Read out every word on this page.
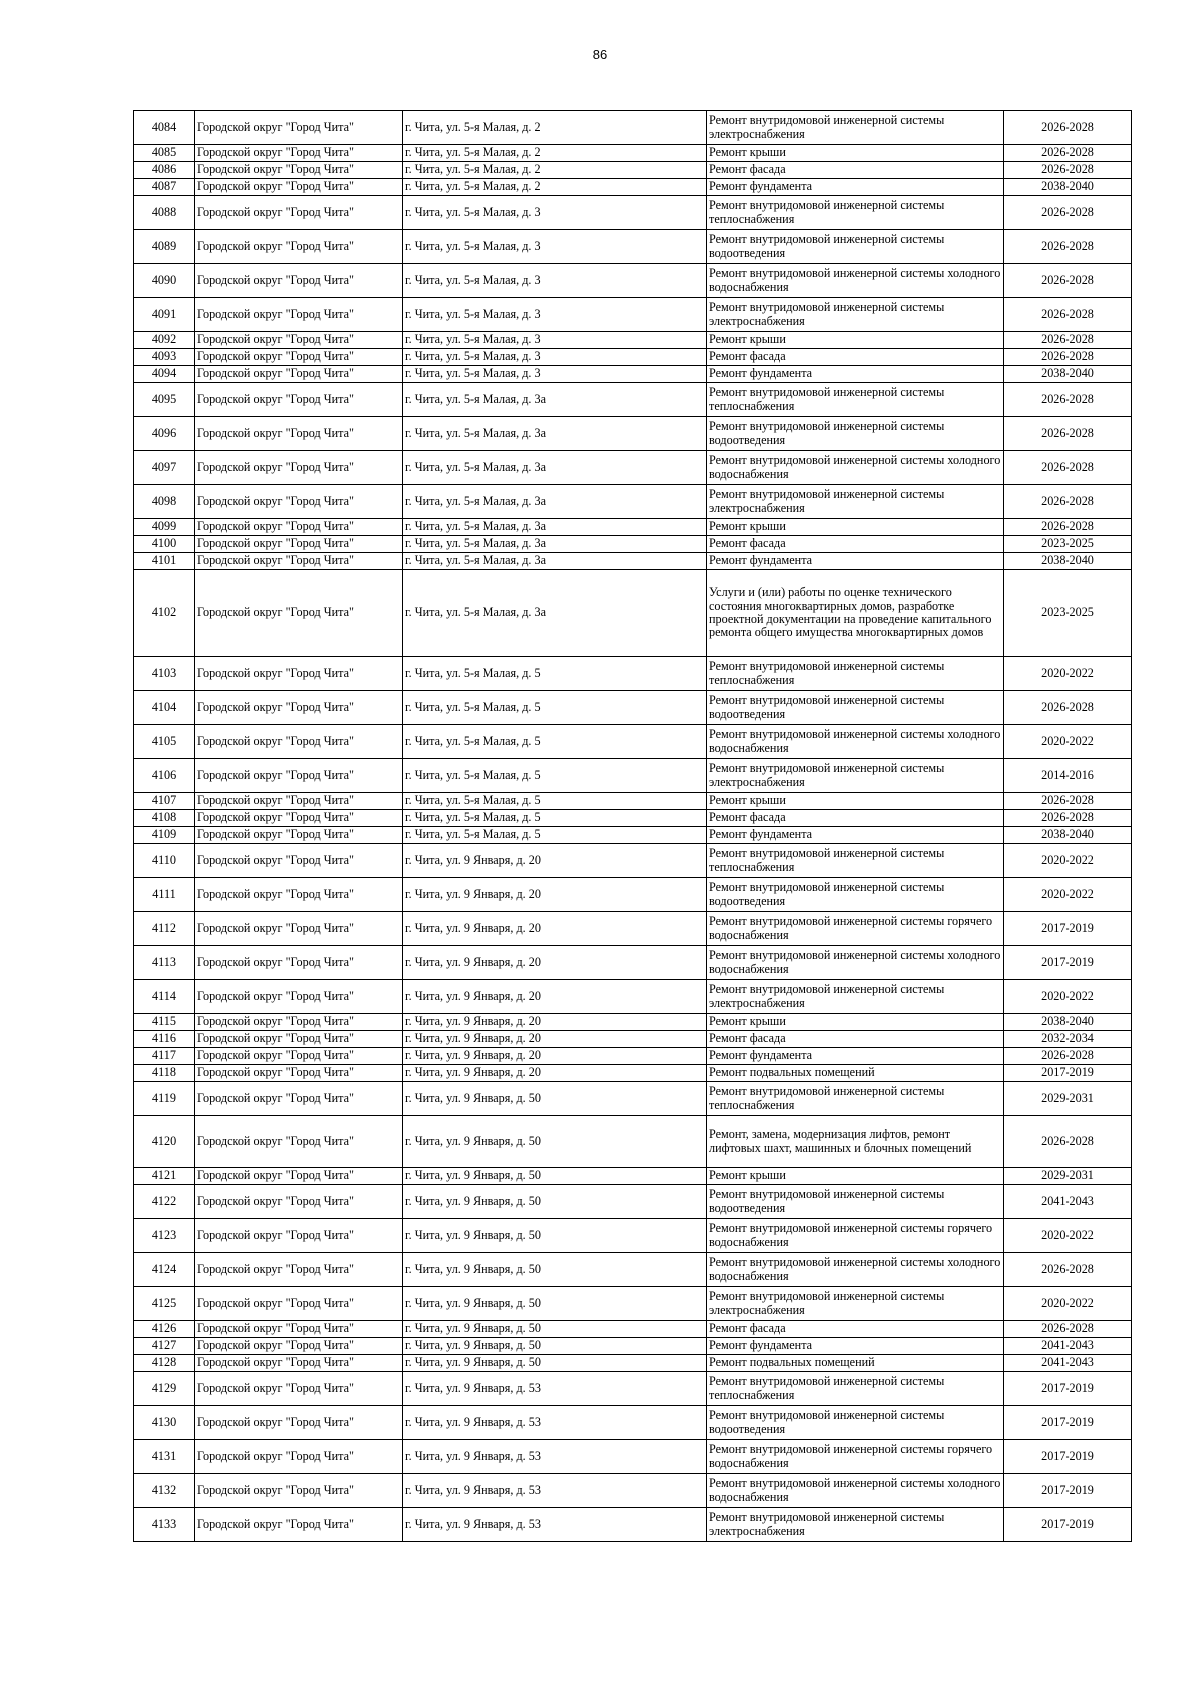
86
4084	Городской округ "Город Чита"	г. Чита, ул. 5-я Малая, д. 2	Ремонт внутридомовой инженерной системы электроснабжения	2026-2028
4085	Городской округ "Город Чита"	г. Чита, ул. 5-я Малая, д. 2	Ремонт крыши	2026-2028
4086	Городской округ "Город Чита"	г. Чита, ул. 5-я Малая, д. 2	Ремонт фасада	2026-2028
4087	Городской округ "Город Чита"	г. Чита, ул. 5-я Малая, д. 2	Ремонт фундамента	2038-2040
4088	Городской округ "Город Чита"	г. Чита, ул. 5-я Малая, д. 3	Ремонт внутридомовой инженерной системы теплоснабжения	2026-2028
4089	Городской округ "Город Чита"	г. Чита, ул. 5-я Малая, д. 3	Ремонт внутридомовой инженерной системы водоотведения	2026-2028
4090	Городской округ "Город Чита"	г. Чита, ул. 5-я Малая, д. 3	Ремонт внутридомовой инженерной системы холодного водоснабжения	2026-2028
4091	Городской округ "Город Чита"	г. Чита, ул. 5-я Малая, д. 3	Ремонт внутридомовой инженерной системы электроснабжения	2026-2028
4092	Городской округ "Город Чита"	г. Чита, ул. 5-я Малая, д. 3	Ремонт крыши	2026-2028
4093	Городской округ "Город Чита"	г. Чита, ул. 5-я Малая, д. 3	Ремонт фасада	2026-2028
4094	Городской округ "Город Чита"	г. Чита, ул. 5-я Малая, д. 3	Ремонт фундамента	2038-2040
4095	Городской округ "Город Чита"	г. Чита, ул. 5-я Малая, д. 3а	Ремонт внутридомовой инженерной системы теплоснабжения	2026-2028
4096	Городской округ "Город Чита"	г. Чита, ул. 5-я Малая, д. 3а	Ремонт внутридомовой инженерной системы водоотведения	2026-2028
4097	Городской округ "Город Чита"	г. Чита, ул. 5-я Малая, д. 3а	Ремонт внутридомовой инженерной системы холодного водоснабжения	2026-2028
4098	Городской округ "Город Чита"	г. Чита, ул. 5-я Малая, д. 3а	Ремонт внутридомовой инженерной системы электроснабжения	2026-2028
4099	Городской округ "Город Чита"	г. Чита, ул. 5-я Малая, д. 3а	Ремонт крыши	2026-2028
4100	Городской округ "Город Чита"	г. Чита, ул. 5-я Малая, д. 3а	Ремонт фасада	2023-2025
4101	Городской округ "Город Чита"	г. Чита, ул. 5-я Малая, д. 3а	Ремонт фундамента	2038-2040
4102	Городской округ "Город Чита"	г. Чита, ул. 5-я Малая, д. 3а	Услуги и (или) работы по оценке технического состояния многоквартирных домов, разработке проектной документации на проведение капитального ремонта общего имущества многоквартирных домов	2023-2025
4103	Городской округ "Город Чита"	г. Чита, ул. 5-я Малая, д. 5	Ремонт внутридомовой инженерной системы теплоснабжения	2020-2022
4104	Городской округ "Город Чита"	г. Чита, ул. 5-я Малая, д. 5	Ремонт внутридомовой инженерной системы водоотведения	2026-2028
4105	Городской округ "Город Чита"	г. Чита, ул. 5-я Малая, д. 5	Ремонт внутридомовой инженерной системы холодного водоснабжения	2020-2022
4106	Городской округ "Город Чита"	г. Чита, ул. 5-я Малая, д. 5	Ремонт внутридомовой инженерной системы электроснабжения	2014-2016
4107	Городской округ "Город Чита"	г. Чита, ул. 5-я Малая, д. 5	Ремонт крыши	2026-2028
4108	Городской округ "Город Чита"	г. Чита, ул. 5-я Малая, д. 5	Ремонт фасада	2026-2028
4109	Городской округ "Город Чита"	г. Чита, ул. 5-я Малая, д. 5	Ремонт фундамента	2038-2040
4110	Городской округ "Город Чита"	г. Чита, ул. 9 Января, д. 20	Ремонт внутридомовой инженерной системы теплоснабжения	2020-2022
4111	Городской округ "Город Чита"	г. Чита, ул. 9 Января, д. 20	Ремонт внутридомовой инженерной системы водоотведения	2020-2022
4112	Городской округ "Город Чита"	г. Чита, ул. 9 Января, д. 20	Ремонт внутридомовой инженерной системы горячего водоснабжения	2017-2019
4113	Городской округ "Город Чита"	г. Чита, ул. 9 Января, д. 20	Ремонт внутридомовой инженерной системы холодного водоснабжения	2017-2019
4114	Городской округ "Город Чита"	г. Чита, ул. 9 Января, д. 20	Ремонт внутридомовой инженерной системы электроснабжения	2020-2022
4115	Городской округ "Город Чита"	г. Чита, ул. 9 Января, д. 20	Ремонт крыши	2038-2040
4116	Городской округ "Город Чита"	г. Чита, ул. 9 Января, д. 20	Ремонт фасада	2032-2034
4117	Городской округ "Город Чита"	г. Чита, ул. 9 Января, д. 20	Ремонт фундамента	2026-2028
4118	Городской округ "Город Чита"	г. Чита, ул. 9 Января, д. 20	Ремонт подвальных помещений	2017-2019
4119	Городской округ "Город Чита"	г. Чита, ул. 9 Января, д. 50	Ремонт внутридомовой инженерной системы теплоснабжения	2029-2031
4120	Городской округ "Город Чита"	г. Чита, ул. 9 Января, д. 50	Ремонт, замена, модернизация лифтов, ремонт лифтовых шахт, машинных и блочных помещений	2026-2028
4121	Городской округ "Город Чита"	г. Чита, ул. 9 Января, д. 50	Ремонт крыши	2029-2031
4122	Городской округ "Город Чита"	г. Чита, ул. 9 Января, д. 50	Ремонт внутридомовой инженерной системы водоотведения	2041-2043
4123	Городской округ "Город Чита"	г. Чита, ул. 9 Января, д. 50	Ремонт внутридомовой инженерной системы горячего водоснабжения	2020-2022
4124	Городской округ "Город Чита"	г. Чита, ул. 9 Января, д. 50	Ремонт внутридомовой инженерной системы холодного водоснабжения	2026-2028
4125	Городской округ "Город Чита"	г. Чита, ул. 9 Января, д. 50	Ремонт внутридомовой инженерной системы электроснабжения	2020-2022
4126	Городской округ "Город Чита"	г. Чита, ул. 9 Января, д. 50	Ремонт фасада	2026-2028
4127	Городской округ "Город Чита"	г. Чита, ул. 9 Января, д. 50	Ремонт фундамента	2041-2043
4128	Городской округ "Город Чита"	г. Чита, ул. 9 Января, д. 50	Ремонт подвальных помещений	2041-2043
4129	Городской округ "Город Чита"	г. Чита, ул. 9 Января, д. 53	Ремонт внутридомовой инженерной системы теплоснабжения	2017-2019
4130	Городской округ "Город Чита"	г. Чита, ул. 9 Января, д. 53	Ремонт внутридомовой инженерной системы водоотведения	2017-2019
4131	Городской округ "Город Чита"	г. Чита, ул. 9 Января, д. 53	Ремонт внутридомовой инженерной системы горячего водоснабжения	2017-2019
4132	Городской округ "Город Чита"	г. Чита, ул. 9 Января, д. 53	Ремонт внутридомовой инженерной системы холодного водоснабжения	2017-2019
4133	Городской округ "Город Чита"	г. Чита, ул. 9 Января, д. 53	Ремонт внутридомовой инженерной системы электроснабжения	2017-2019
